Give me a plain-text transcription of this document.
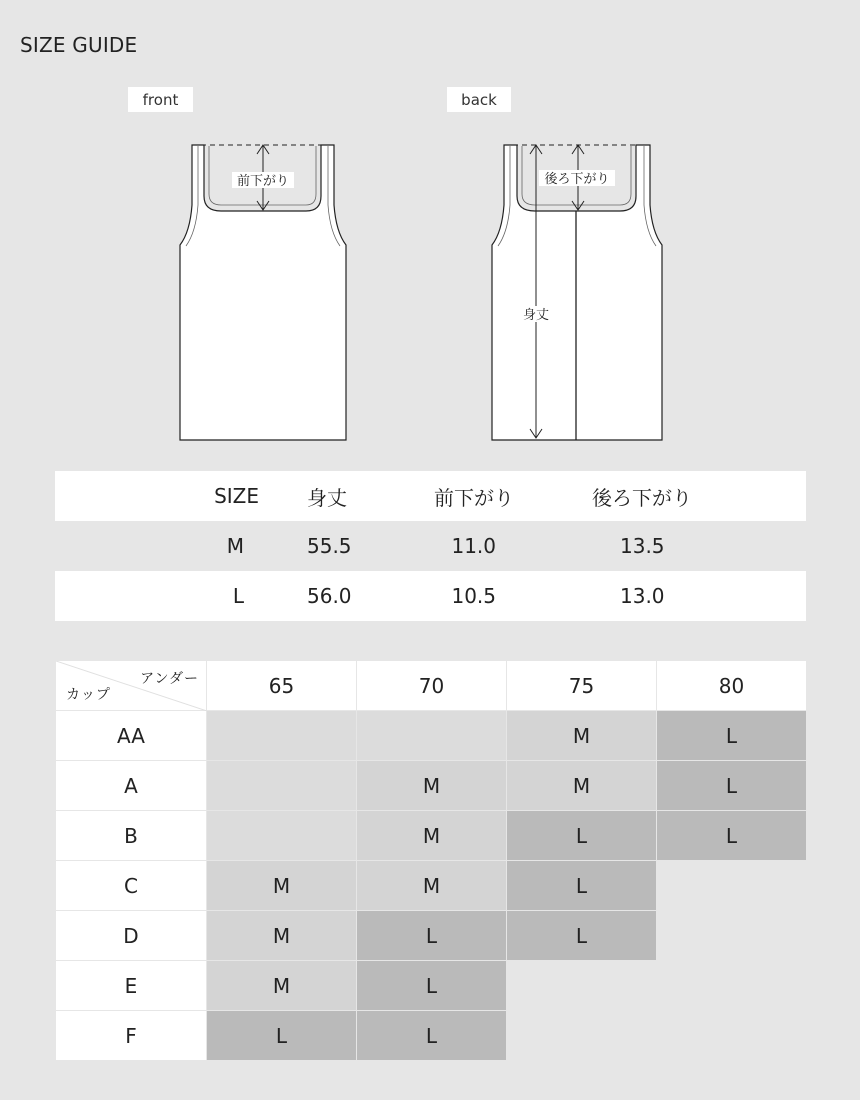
SIZE GUIDE
front	back
前下がり	後ろ下がり
身丈
SIZE	身丈	前下がり	後ろ下がり
M	55.5	11.0	13.5
L	56.0	10.5	13.0
アンダー
カップ	65	70	75	80
AA			M	L
A		M	M	L
B		M	L	L
C	M	M	L	
D	M	L	L	
E	M	L		
F	L	L		
